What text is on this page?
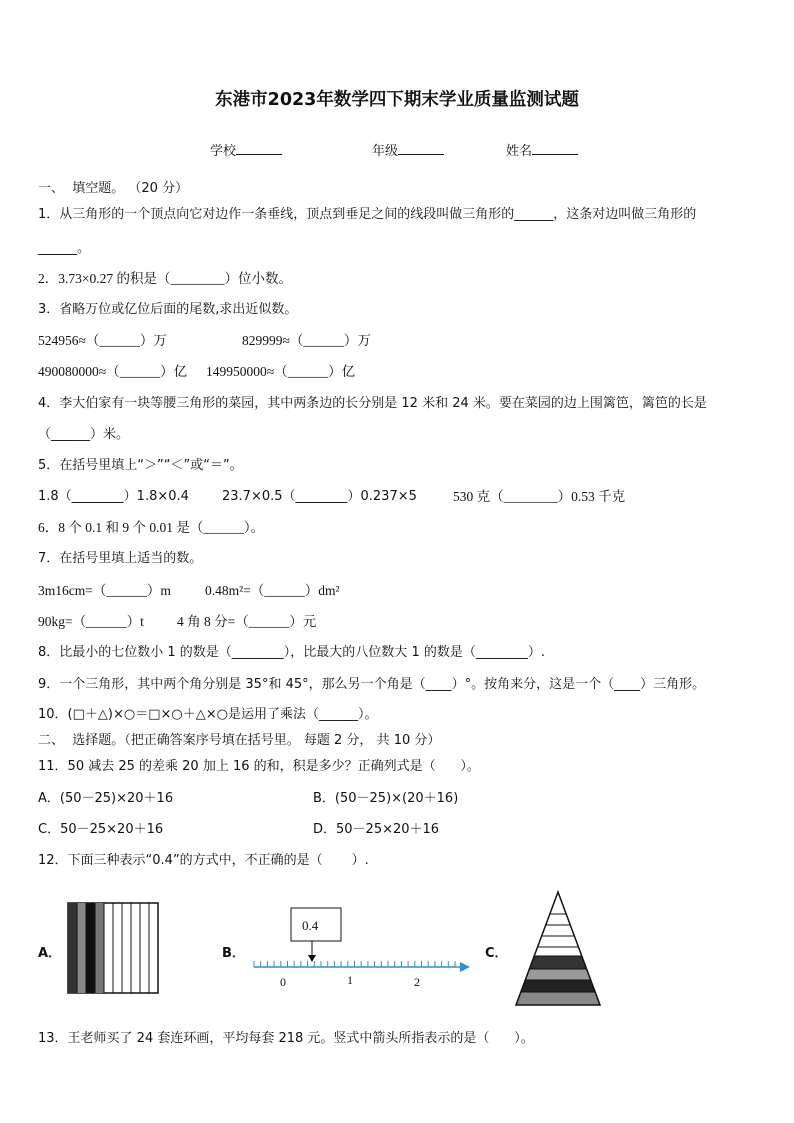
东港市2023年数学四下期末学业质量监测试题
学校	年级	姓名
一、  填空题。 （20 分）
1．从三角形的一个顶点向它对边作一条垂线，顶点到垂足之间的线段叫做三角形的______，这条对边叫做三角形的
______。
2．3.73×0.27 的积是（________）位小数。
3．省略万位或亿位后面的尾数,求出近似数。
524956≈（______）万	829999≈（______）万
490080000≈（______）亿 149950000≈（______）亿
4．李大伯家有一块等腰三角形的菜园，其中两条边的长分别是 12 米和 24 米。要在菜园的边上围篱笆，篱笆的长是
（______）米。
5．在括号里填上“＞”“＜”或“＝”。
1.8（________）1.8×0.4	23.7×0.5（________）0.237×5	530 克（________）0.53 千克
6．8 个 0.1 和 9 个 0.01 是（______）。
7．在括号里填上适当的数。
3m16cm=（______）m	0.48m²=（______）dm²
90kg=（______）t 4 角 8 分=（______）元
8．比最小的七位数小 1 的数是（________），比最大的八位数大 1 的数是（________）.
9．一个三角形，其中两个角分别是 35°和 45°，那么另一个角是（____）°。按角来分，这是一个（____）三角形。
10．(□＋△)×○＝□×○＋△×○是运用了乘法（______）。
二、  选择题。（把正确答案序号填在括号里。 每题 2 分， 共 10 分）
11．50 减去 25 的差乘 20 加上 16 的和，积是多少？正确列式是（      ）。
A．(50－25)×20＋16	B．(50－25)×(20＋16)
C．50－25×20＋16	D．50－25×20＋16
12．下面三种表示“0.4”的方式中，不正确的是（       ）.
A．	B．
0.4
0	1	2
C．
13．王老师买了 24 套连环画，平均每套 218 元。竖式中箭头所指表示的是（      ）。
